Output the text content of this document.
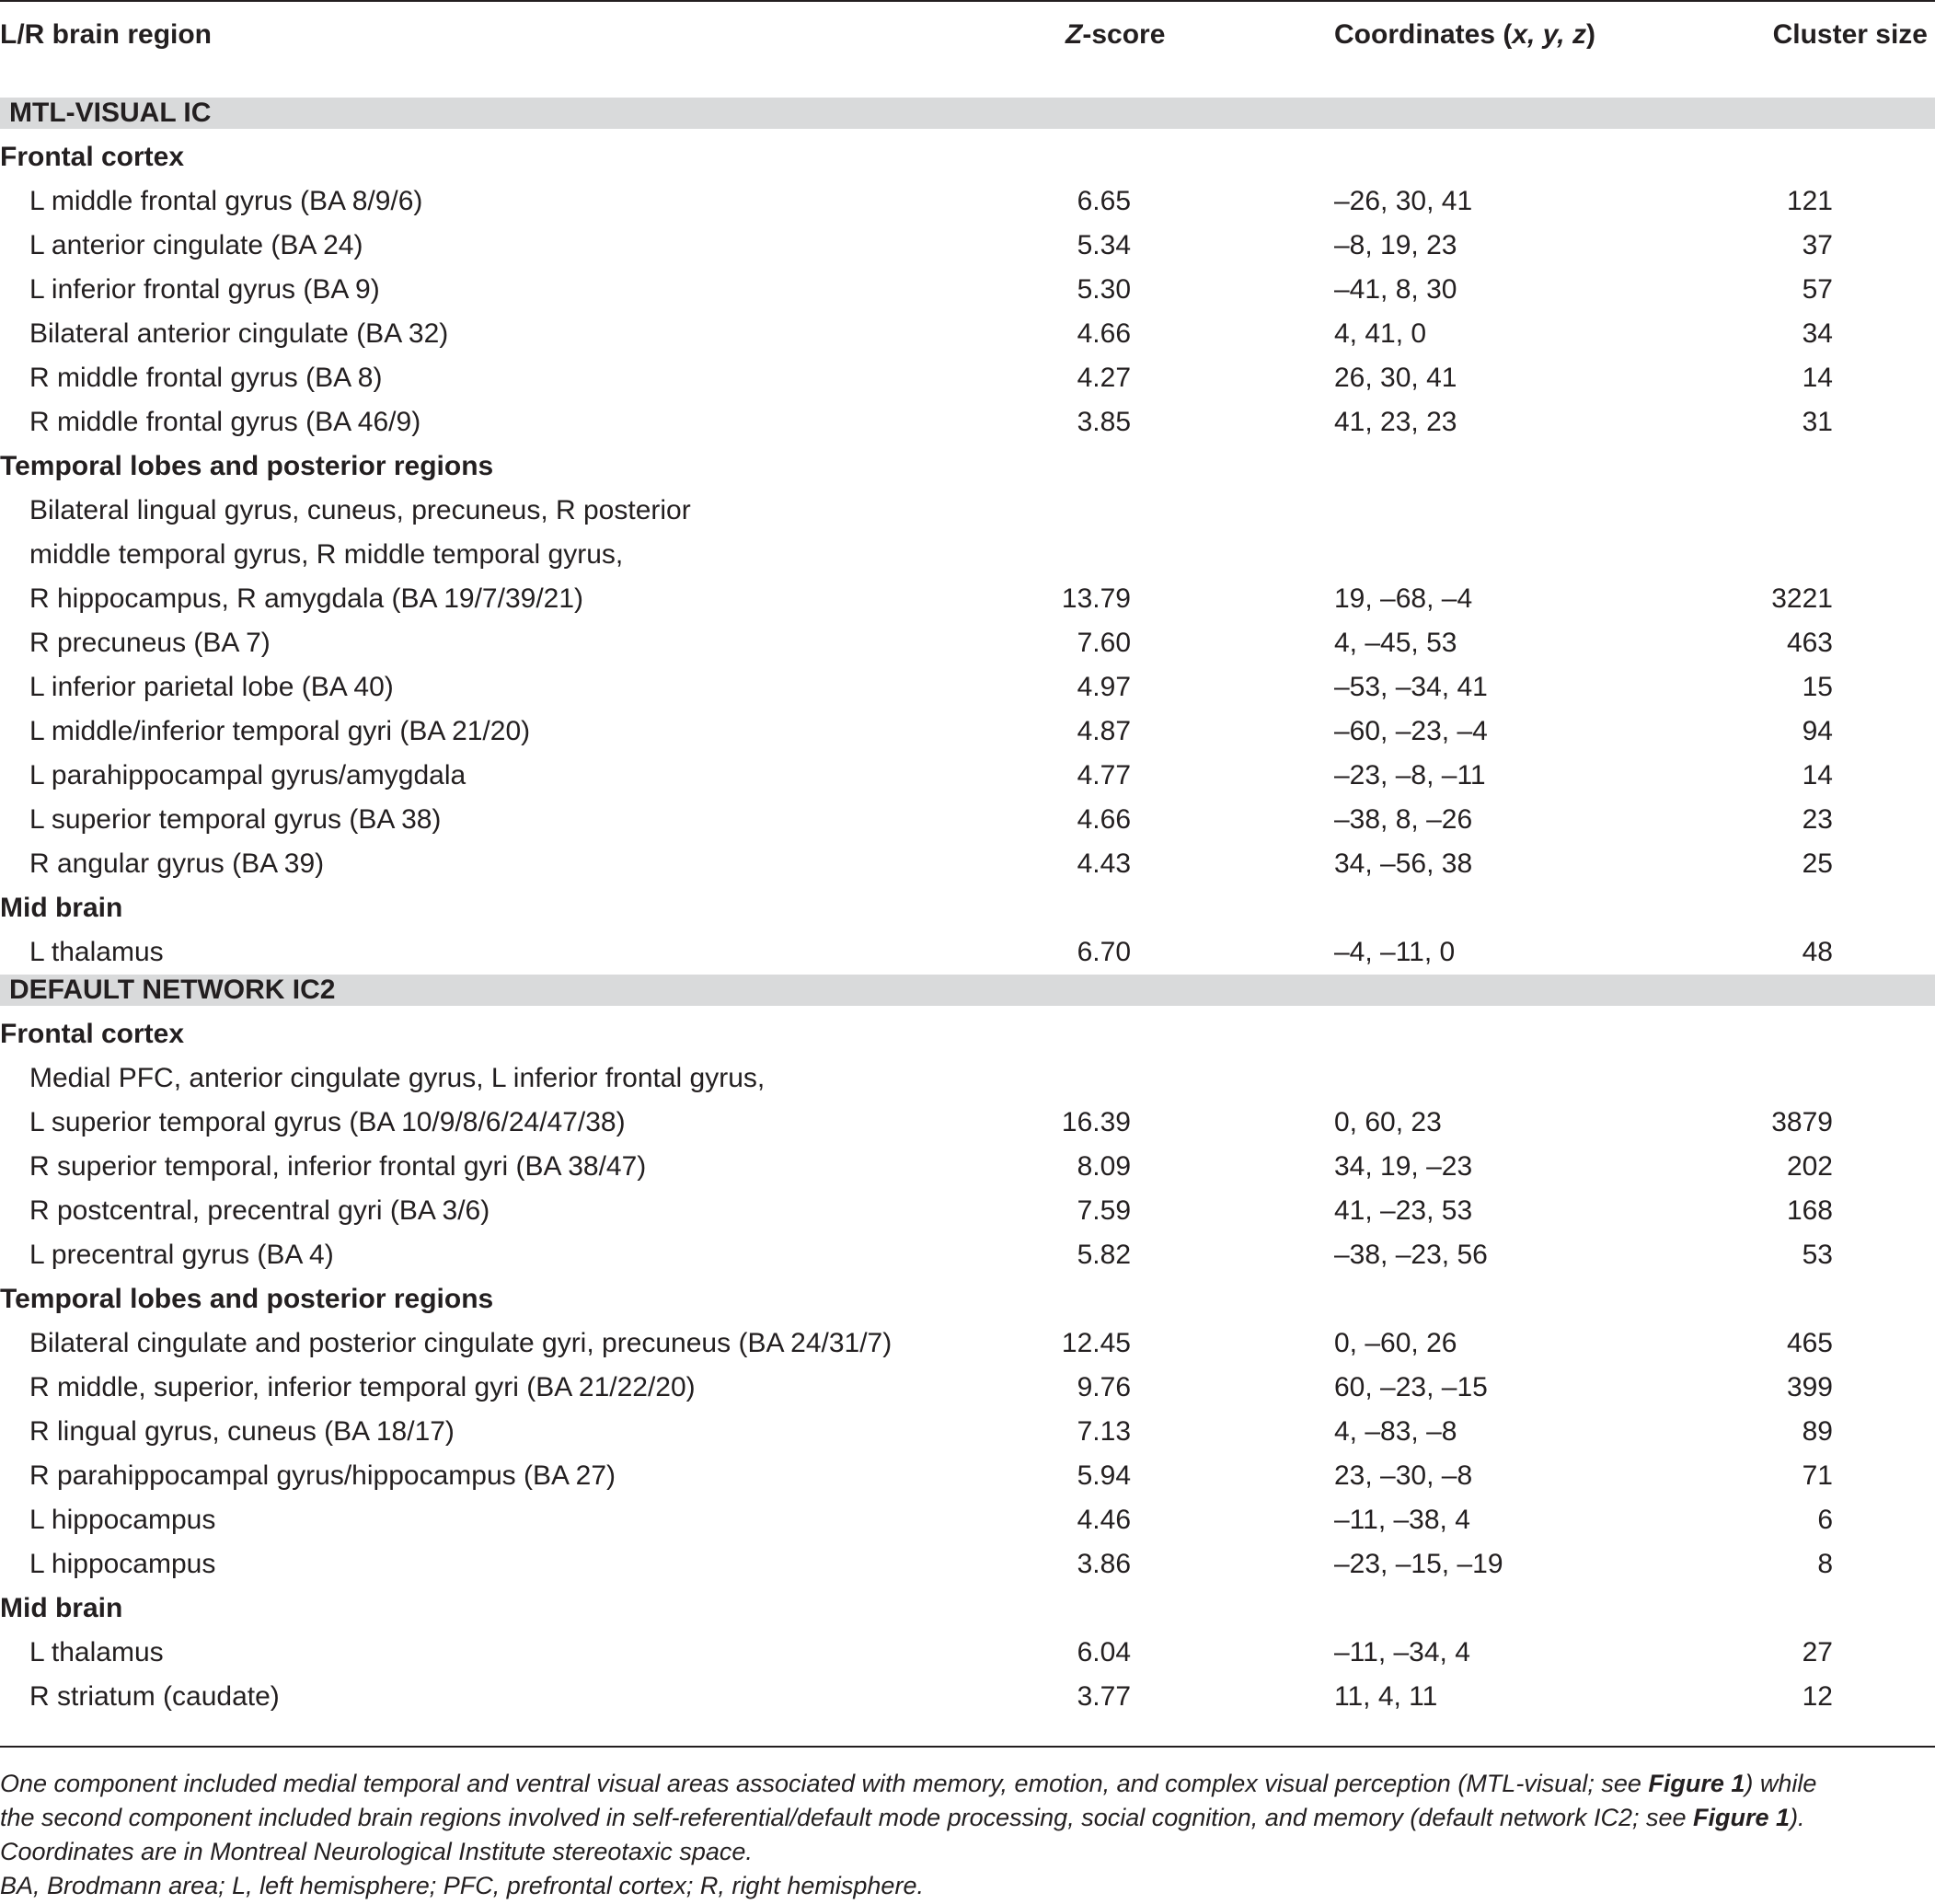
L/R brain region	Z-score	Coordinates (x, y, z)	Cluster size
MTL-VISUAL IC
Frontal cortex
L middle frontal gyrus (BA 8/9/6)	6.65	–26, 30, 41	121
L anterior cingulate (BA 24)	5.34	–8, 19, 23	37
L inferior frontal gyrus (BA 9)	5.30	–41, 8, 30	57
Bilateral anterior cingulate (BA 32)	4.66	4, 41, 0	34
R middle frontal gyrus (BA 8)	4.27	26, 30, 41	14
R middle frontal gyrus (BA 46/9)	3.85	41, 23, 23	31
Temporal lobes and posterior regions
Bilateral lingual gyrus, cuneus, precuneus, R posterior
middle temporal gyrus, R middle temporal gyrus,
R hippocampus, R amygdala (BA 19/7/39/21)	13.79	19, –68, –4	3221
R precuneus (BA 7)	7.60	4, –45, 53	463
L inferior parietal lobe (BA 40)	4.97	–53, –34, 41	15
L middle/inferior temporal gyri (BA 21/20)	4.87	–60, –23, –4	94
L parahippocampal gyrus/amygdala	4.77	–23, –8, –11	14
L superior temporal gyrus (BA 38)	4.66	–38, 8, –26	23
R angular gyrus (BA 39)	4.43	34, –56, 38	25
Mid brain
L thalamus	6.70	–4, –11, 0	48
DEFAULT NETWORK IC2
Frontal cortex
Medial PFC, anterior cingulate gyrus, L inferior frontal gyrus,
L superior temporal gyrus (BA 10/9/8/6/24/47/38)	16.39	0, 60, 23	3879
R superior temporal, inferior frontal gyri (BA 38/47)	8.09	34, 19, –23	202
R postcentral, precentral gyri (BA 3/6)	7.59	41, –23, 53	168
L precentral gyrus (BA 4)	5.82	–38, –23, 56	53
Temporal lobes and posterior regions
Bilateral cingulate and posterior cingulate gyri, precuneus (BA 24/31/7)	12.45	0, –60, 26	465
R middle, superior, inferior temporal gyri (BA 21/22/20)	9.76	60, –23, –15	399
R lingual gyrus, cuneus (BA 18/17)	7.13	4, –83, –8	89
R parahippocampal gyrus/hippocampus (BA 27)	5.94	23, –30, –8	71
L hippocampus	4.46	–11, –38, 4	6
L hippocampus	3.86	–23, –15, –19	8
Mid brain
L thalamus	6.04	–11, –34, 4	27
R striatum (caudate)	3.77	11, 4, 11	12
One component included medial temporal and ventral visual areas associated with memory, emotion, and complex visual perception (MTL-visual; see Figure 1) while
the second component included brain regions involved in self-referential/default mode processing, social cognition, and memory (default network IC2; see Figure 1).
Coordinates are in Montreal Neurological Institute stereotaxic space.
BA, Brodmann area; L, left hemisphere; PFC, prefrontal cortex; R, right hemisphere.
